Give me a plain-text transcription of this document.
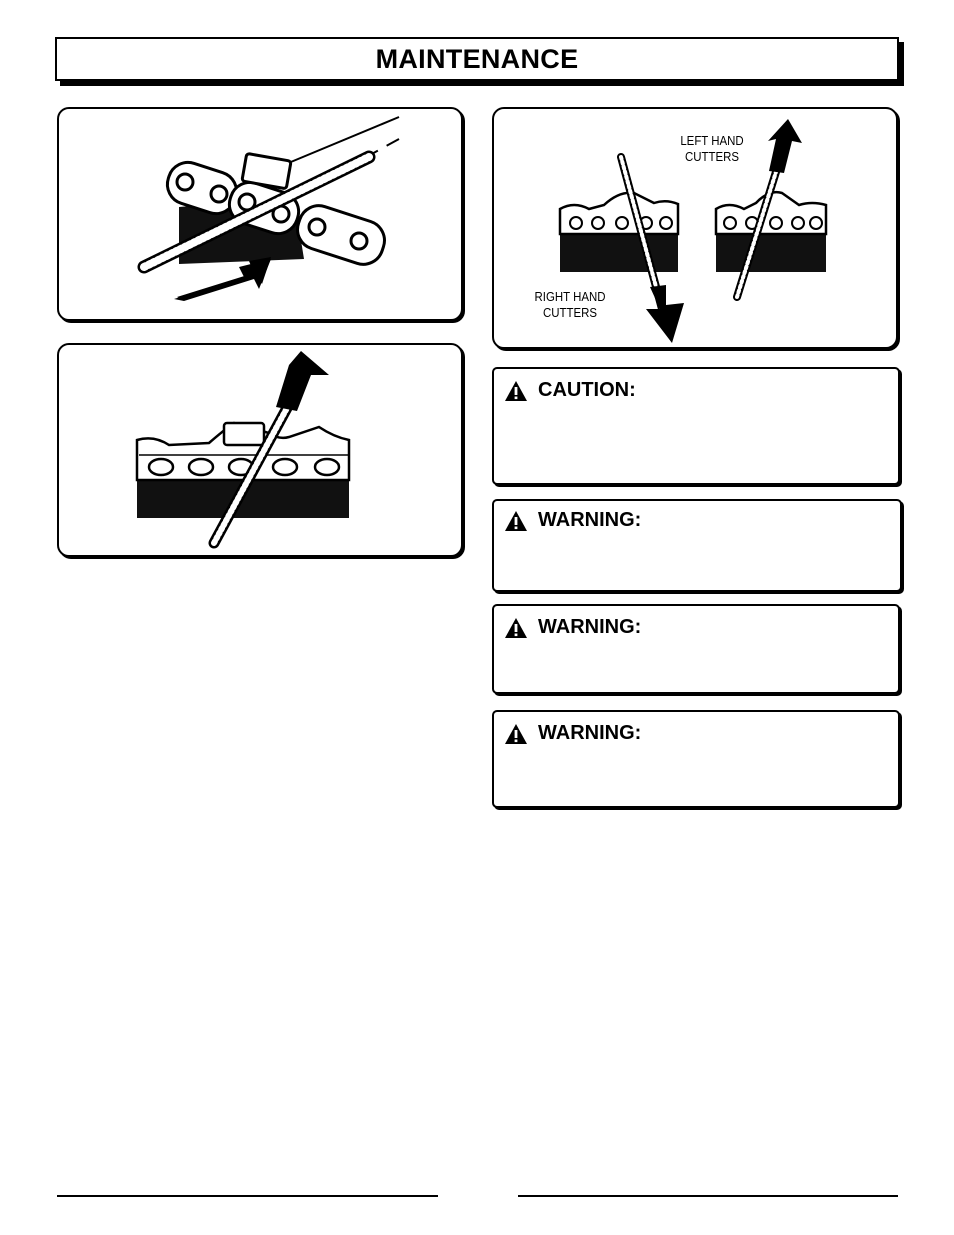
MAINTENANCE
LEFT HAND
CUTTERS
RIGHT HAND
CUTTERS
CAUTION:
WARNING:
WARNING:
WARNING:
